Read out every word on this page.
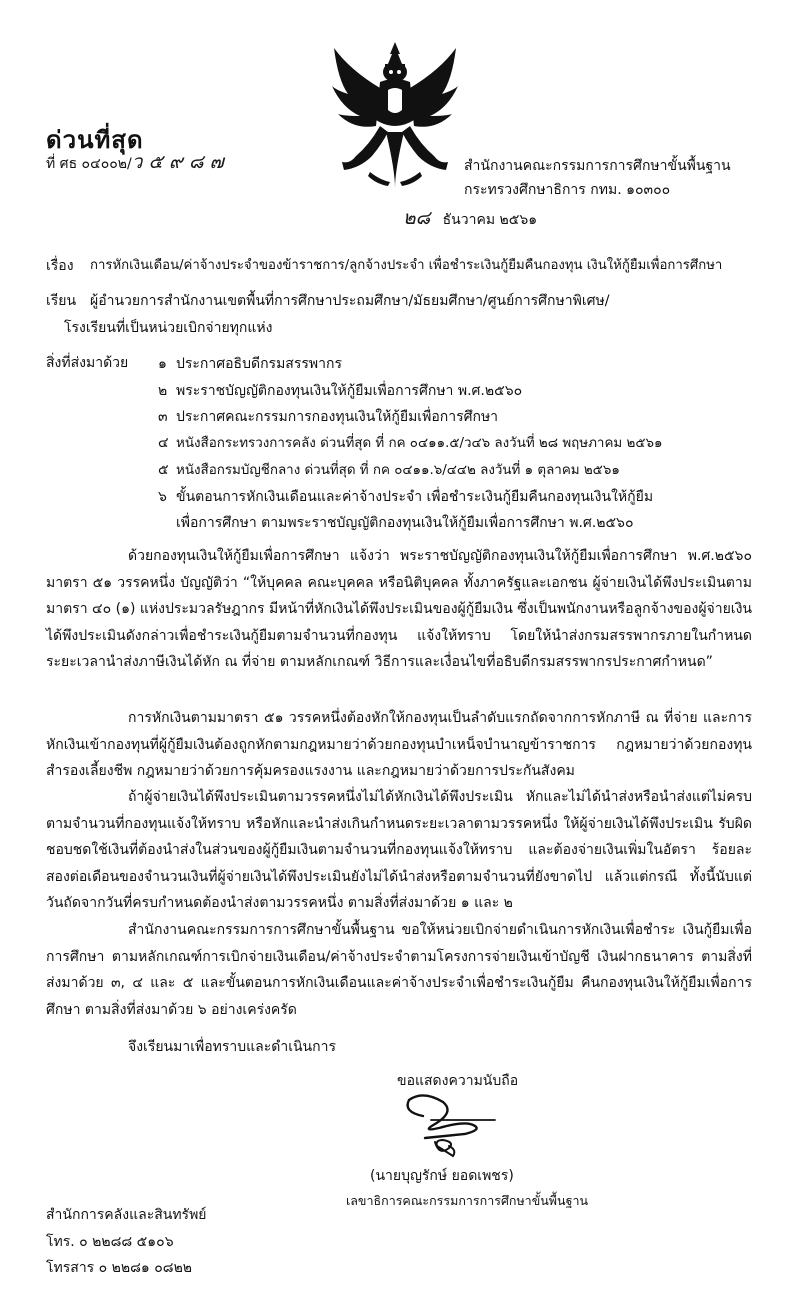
ด่วนที่สุด
ที่ ศธ ๐๔๐๐๒/ว ๕ ๙ ๘ ๗	สำนักงานคณะกรรมการการศึกษาขั้นพื้นฐาน
กระทรวงศึกษาธิการ กทม. ๑๐๓๐๐
๒๘ ธันวาคม ๒๕๖๑
เรื่อง การหักเงินเดือน/ค่าจ้างประจำของข้าราชการ/ลูกจ้างประจำ เพื่อชำระเงินกู้ยืมคืนกองทุน เงินให้กู้ยืมเพื่อการศึกษา
เรียน ผู้อำนวยการสำนักงานเขตพื้นที่การศึกษาประถมศึกษา/มัธยมศึกษา/ศูนย์การศึกษาพิเศษ/
โรงเรียนที่เป็นหน่วยเบิกจ่ายทุกแห่ง
สิ่งที่ส่งมาด้วย ๑ ประกาศอธิบดีกรมสรรพากร
๒ พระราชบัญญัติกองทุนเงินให้กู้ยืมเพื่อการศึกษา พ.ศ.๒๕๖๐
๓ ประกาศคณะกรรมการกองทุนเงินให้กู้ยืมเพื่อการศึกษา
๔ หนังสือกระทรวงการคลัง ด่วนที่สุด ที่ กค ๐๔๑๑.๕/ว๔๖ ลงวันที่ ๒๘ พฤษภาคม ๒๕๖๑
๕ หนังสือกรมบัญชีกลาง ด่วนที่สุด ที่ กค ๐๔๑๑.๖/๔๔๒ ลงวันที่ ๑ ตุลาคม ๒๕๖๑
๖ ขั้นตอนการหักเงินเดือนและค่าจ้างประจำ เพื่อชำระเงินกู้ยืมคืนกองทุนเงินให้กู้ยืม
เพื่อการศึกษา ตามพระราชบัญญัติกองทุนเงินให้กู้ยืมเพื่อการศึกษา พ.ศ.๒๕๖๐
ด้วยกองทุนเงินให้กู้ยืมเพื่อการศึกษา แจ้งว่า พระราชบัญญัติกองทุนเงินให้กู้ยืมเพื่อการศึกษา พ.ศ.๒๕๖๐ มาตรา ๕๑ วรรคหนึ่ง บัญญัติว่า “ให้บุคคล คณะบุคคล หรือนิติบุคคล ทั้งภาครัฐและเอกชน ผู้จ่ายเงินได้พึงประเมินตามมาตรา ๔๐ (๑) แห่งประมวลรัษฎากร มีหน้าที่หักเงินได้พึงประเมินของผู้กู้ยืมเงิน ซึ่งเป็นพนักงานหรือลูกจ้างของผู้จ่ายเงินได้พึงประเมินดังกล่าวเพื่อชำระเงินกู้ยืมตามจำนวนที่กองทุน แจ้งให้ทราบ โดยให้นำส่งกรมสรรพากรภายในกำหนดระยะเวลานำส่งภาษีเงินได้หัก ณ ที่จ่าย ตามหลักเกณฑ์ วิธีการและเงื่อนไขที่อธิบดีกรมสรรพากรประกาศกำหนด”
การหักเงินตามมาตรา ๕๑ วรรคหนึ่งต้องหักให้กองทุนเป็นลำดับแรกถัดจากการหักภาษี ณ ที่จ่าย และการหักเงินเข้ากองทุนที่ผู้กู้ยืมเงินต้องถูกหักตามกฎหมายว่าด้วยกองทุนบำเหน็จบำนาญข้าราชการ กฎหมายว่าด้วยกองทุนสำรองเลี้ยงชีพ กฎหมายว่าด้วยการคุ้มครองแรงงาน และกฎหมายว่าด้วยการประกันสังคม
ถ้าผู้จ่ายเงินได้พึงประเมินตามวรรคหนึ่งไม่ได้หักเงินได้พึงประเมิน หักและไม่ได้นำส่งหรือนำส่งแต่ไม่ครบ ตามจำนวนที่กองทุนแจ้งให้ทราบ หรือหักและนำส่งเกินกำหนดระยะเวลาตามวรรคหนึ่ง ให้ผู้จ่ายเงินได้พึงประเมิน รับผิดชอบชดใช้เงินที่ต้องนำส่งในส่วนของผู้กู้ยืมเงินตามจำนวนที่กองทุนแจ้งให้ทราบ และต้องจ่ายเงินเพิ่มในอัตรา ร้อยละสองต่อเดือนของจำนวนเงินที่ผู้จ่ายเงินได้พึงประเมินยังไม่ได้นำส่งหรือตามจำนวนที่ยังขาดไป แล้วแต่กรณี ทั้งนี้นับแต่วันถัดจากวันที่ครบกำหนดต้องนำส่งตามวรรคหนึ่ง ตามสิ่งที่ส่งมาด้วย ๑ และ ๒
สำนักงานคณะกรรมการการศึกษาขั้นพื้นฐาน ขอให้หน่วยเบิกจ่ายดำเนินการหักเงินเพื่อชำระ เงินกู้ยืมเพื่อการศึกษา ตามหลักเกณฑ์การเบิกจ่ายเงินเดือน/ค่าจ้างประจำตามโครงการจ่ายเงินเข้าบัญชี เงินฝากธนาคาร ตามสิ่งที่ส่งมาด้วย ๓, ๔ และ ๕ และขั้นตอนการหักเงินเดือนและค่าจ้างประจำเพื่อชำระเงินกู้ยืม คืนกองทุนเงินให้กู้ยืมเพื่อการศึกษา ตามสิ่งที่ส่งมาด้วย ๖ อย่างเคร่งครัด
จึงเรียนมาเพื่อทราบและดำเนินการ
ขอแสดงความนับถือ
(นายบุญรักษ์ ยอดเพชร)
เลขาธิการคณะกรรมการการศึกษาขั้นพื้นฐาน
สำนักการคลังและสินทรัพย์
โทร. ๐ ๒๒๘๘ ๕๑๐๖
โทรสาร ๐ ๒๒๘๑ ๐๘๒๒
